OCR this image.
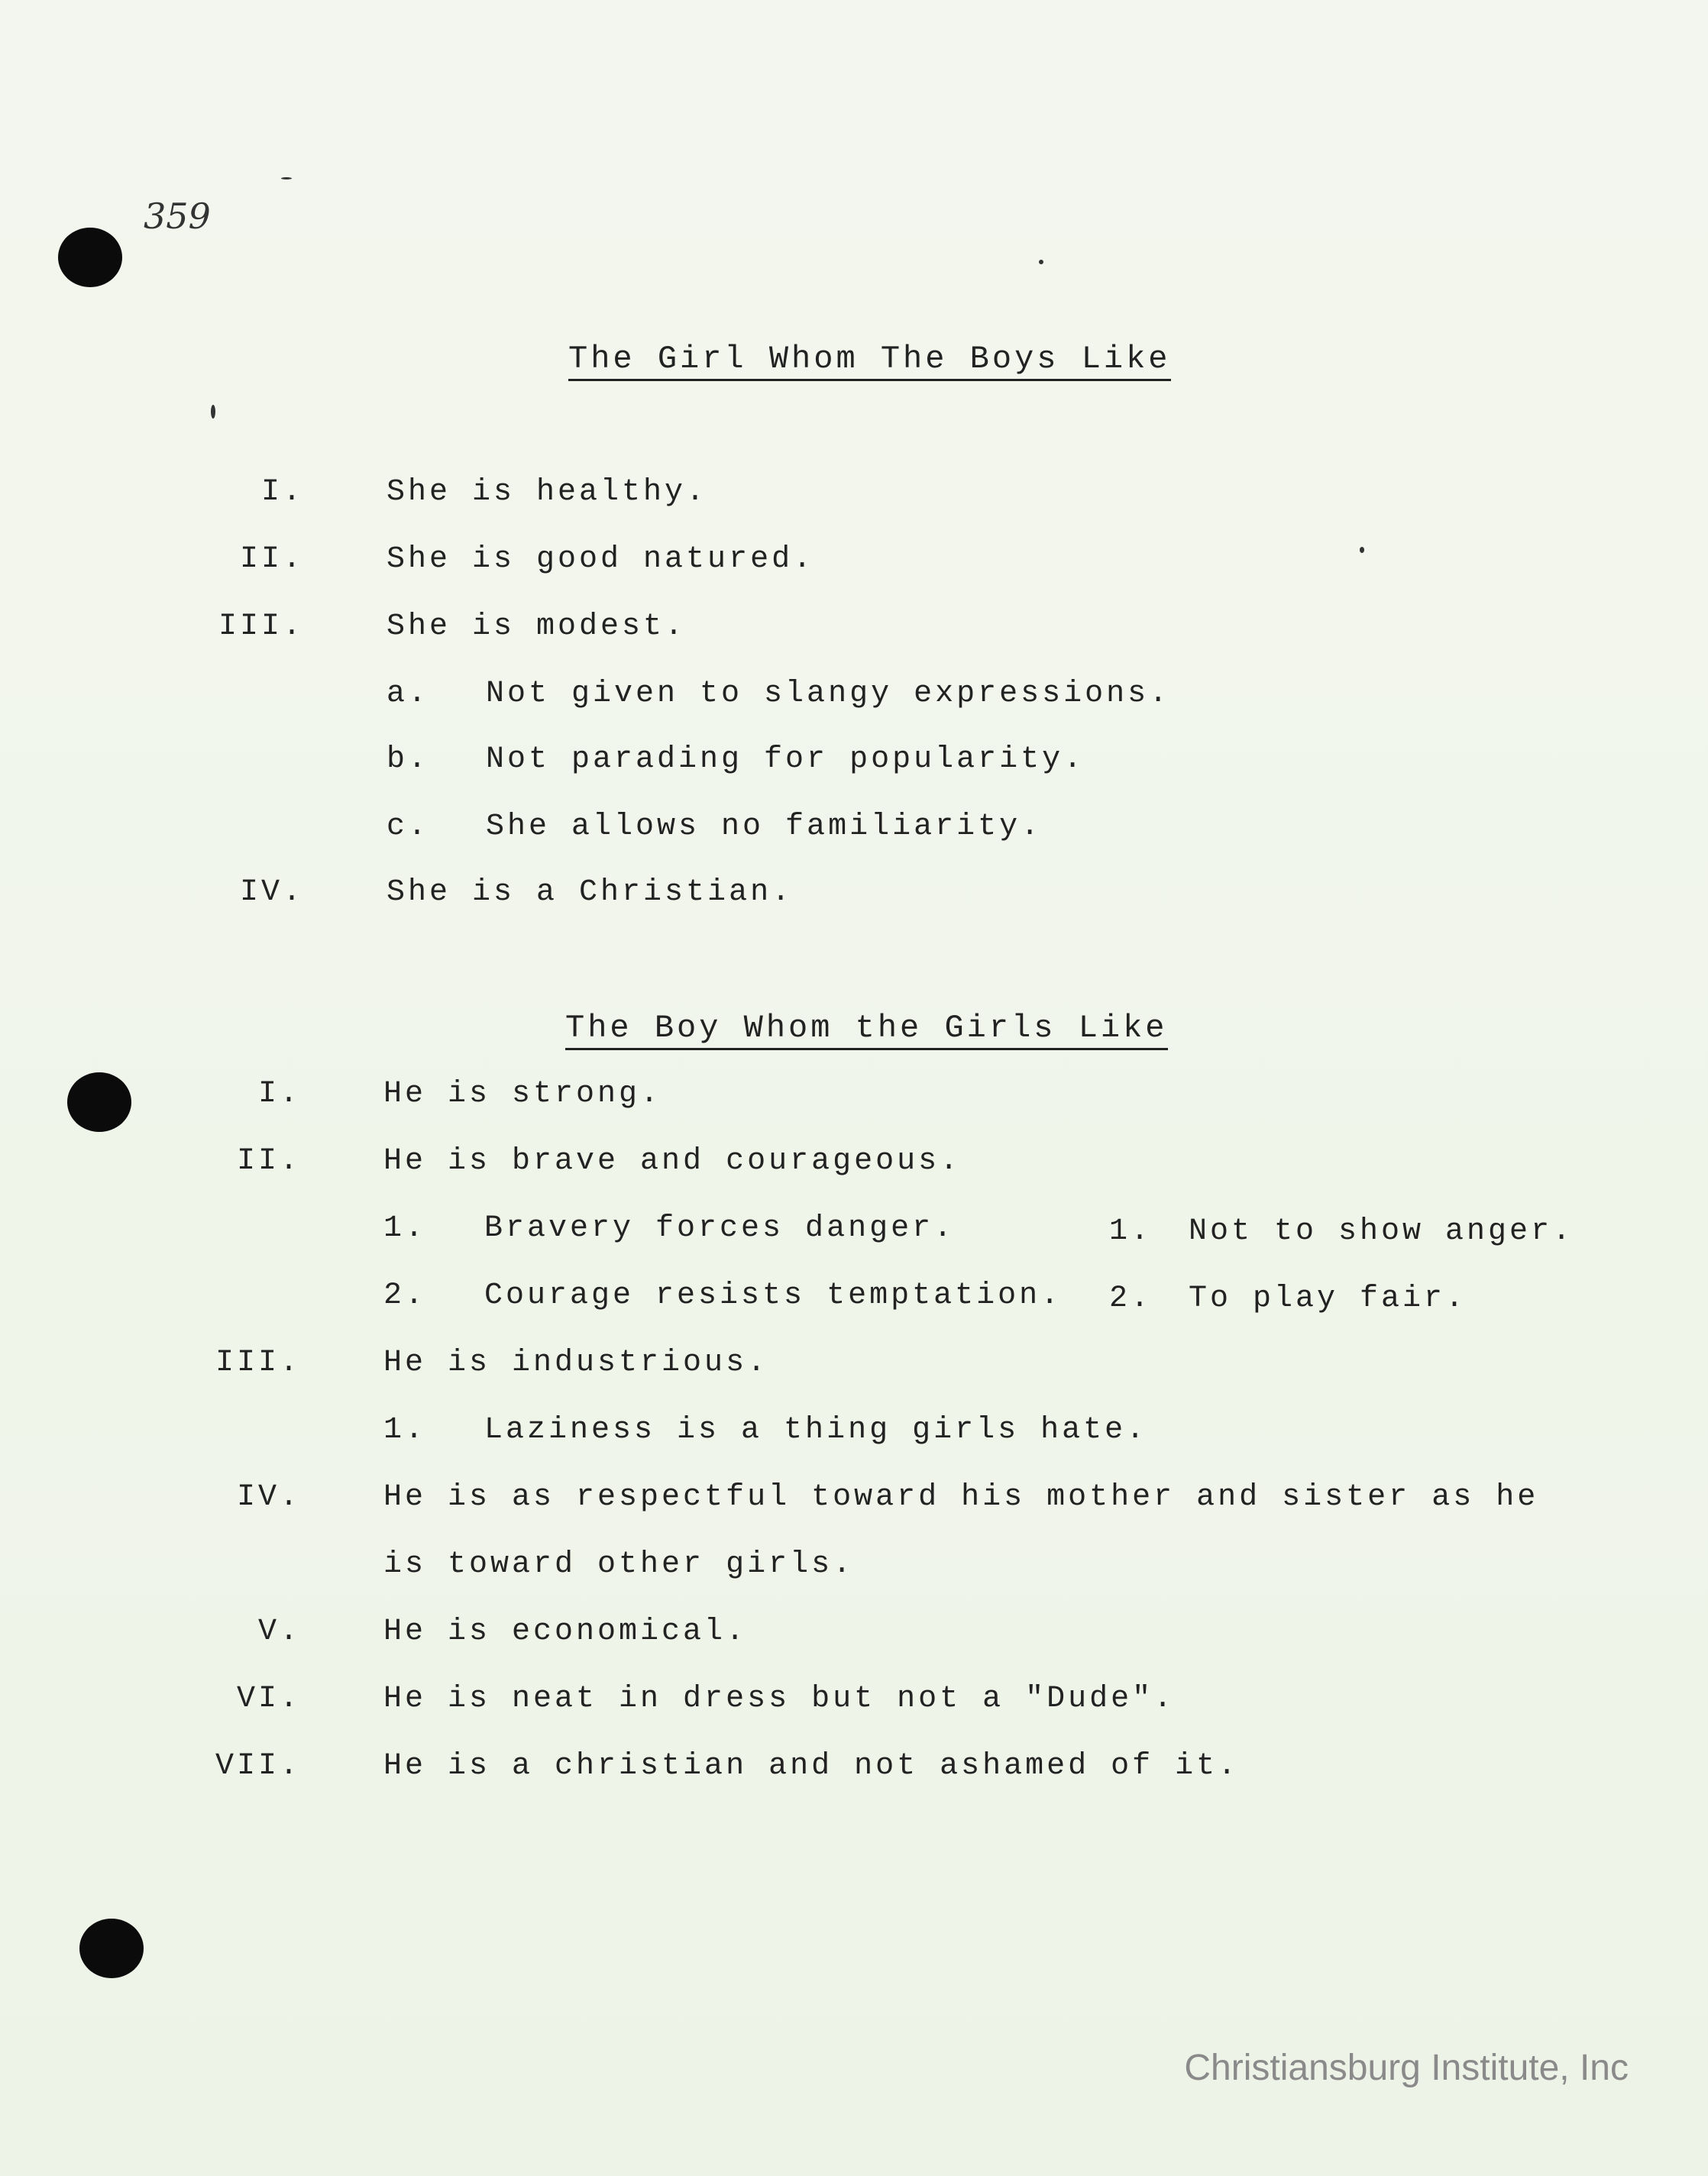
359
The Girl Whom The Boys Like
I.	She is healthy.
II.	She is good natured.
III.	She is modest.
a. Not given to slangy expressions.
b. Not parading for popularity.
c. She allows no familiarity.
IV.	She is a Christian.
The Boy Whom the Girls Like
I.	He is strong.
II.	He is brave and courageous.
1. Bravery forces danger.	1. Not to show anger.
2. Courage resists temptation. 2. To play fair.
III.	He is industrious.
1. Laziness is a thing girls hate.
IV.	He is as respectful toward his mother and sister as he
is toward other girls.
V.	He is economical.
VI.	He is neat in dress but not a "Dude".
VII.	He is a christian and not ashamed of it.
Christiansburg Institute, Inc
